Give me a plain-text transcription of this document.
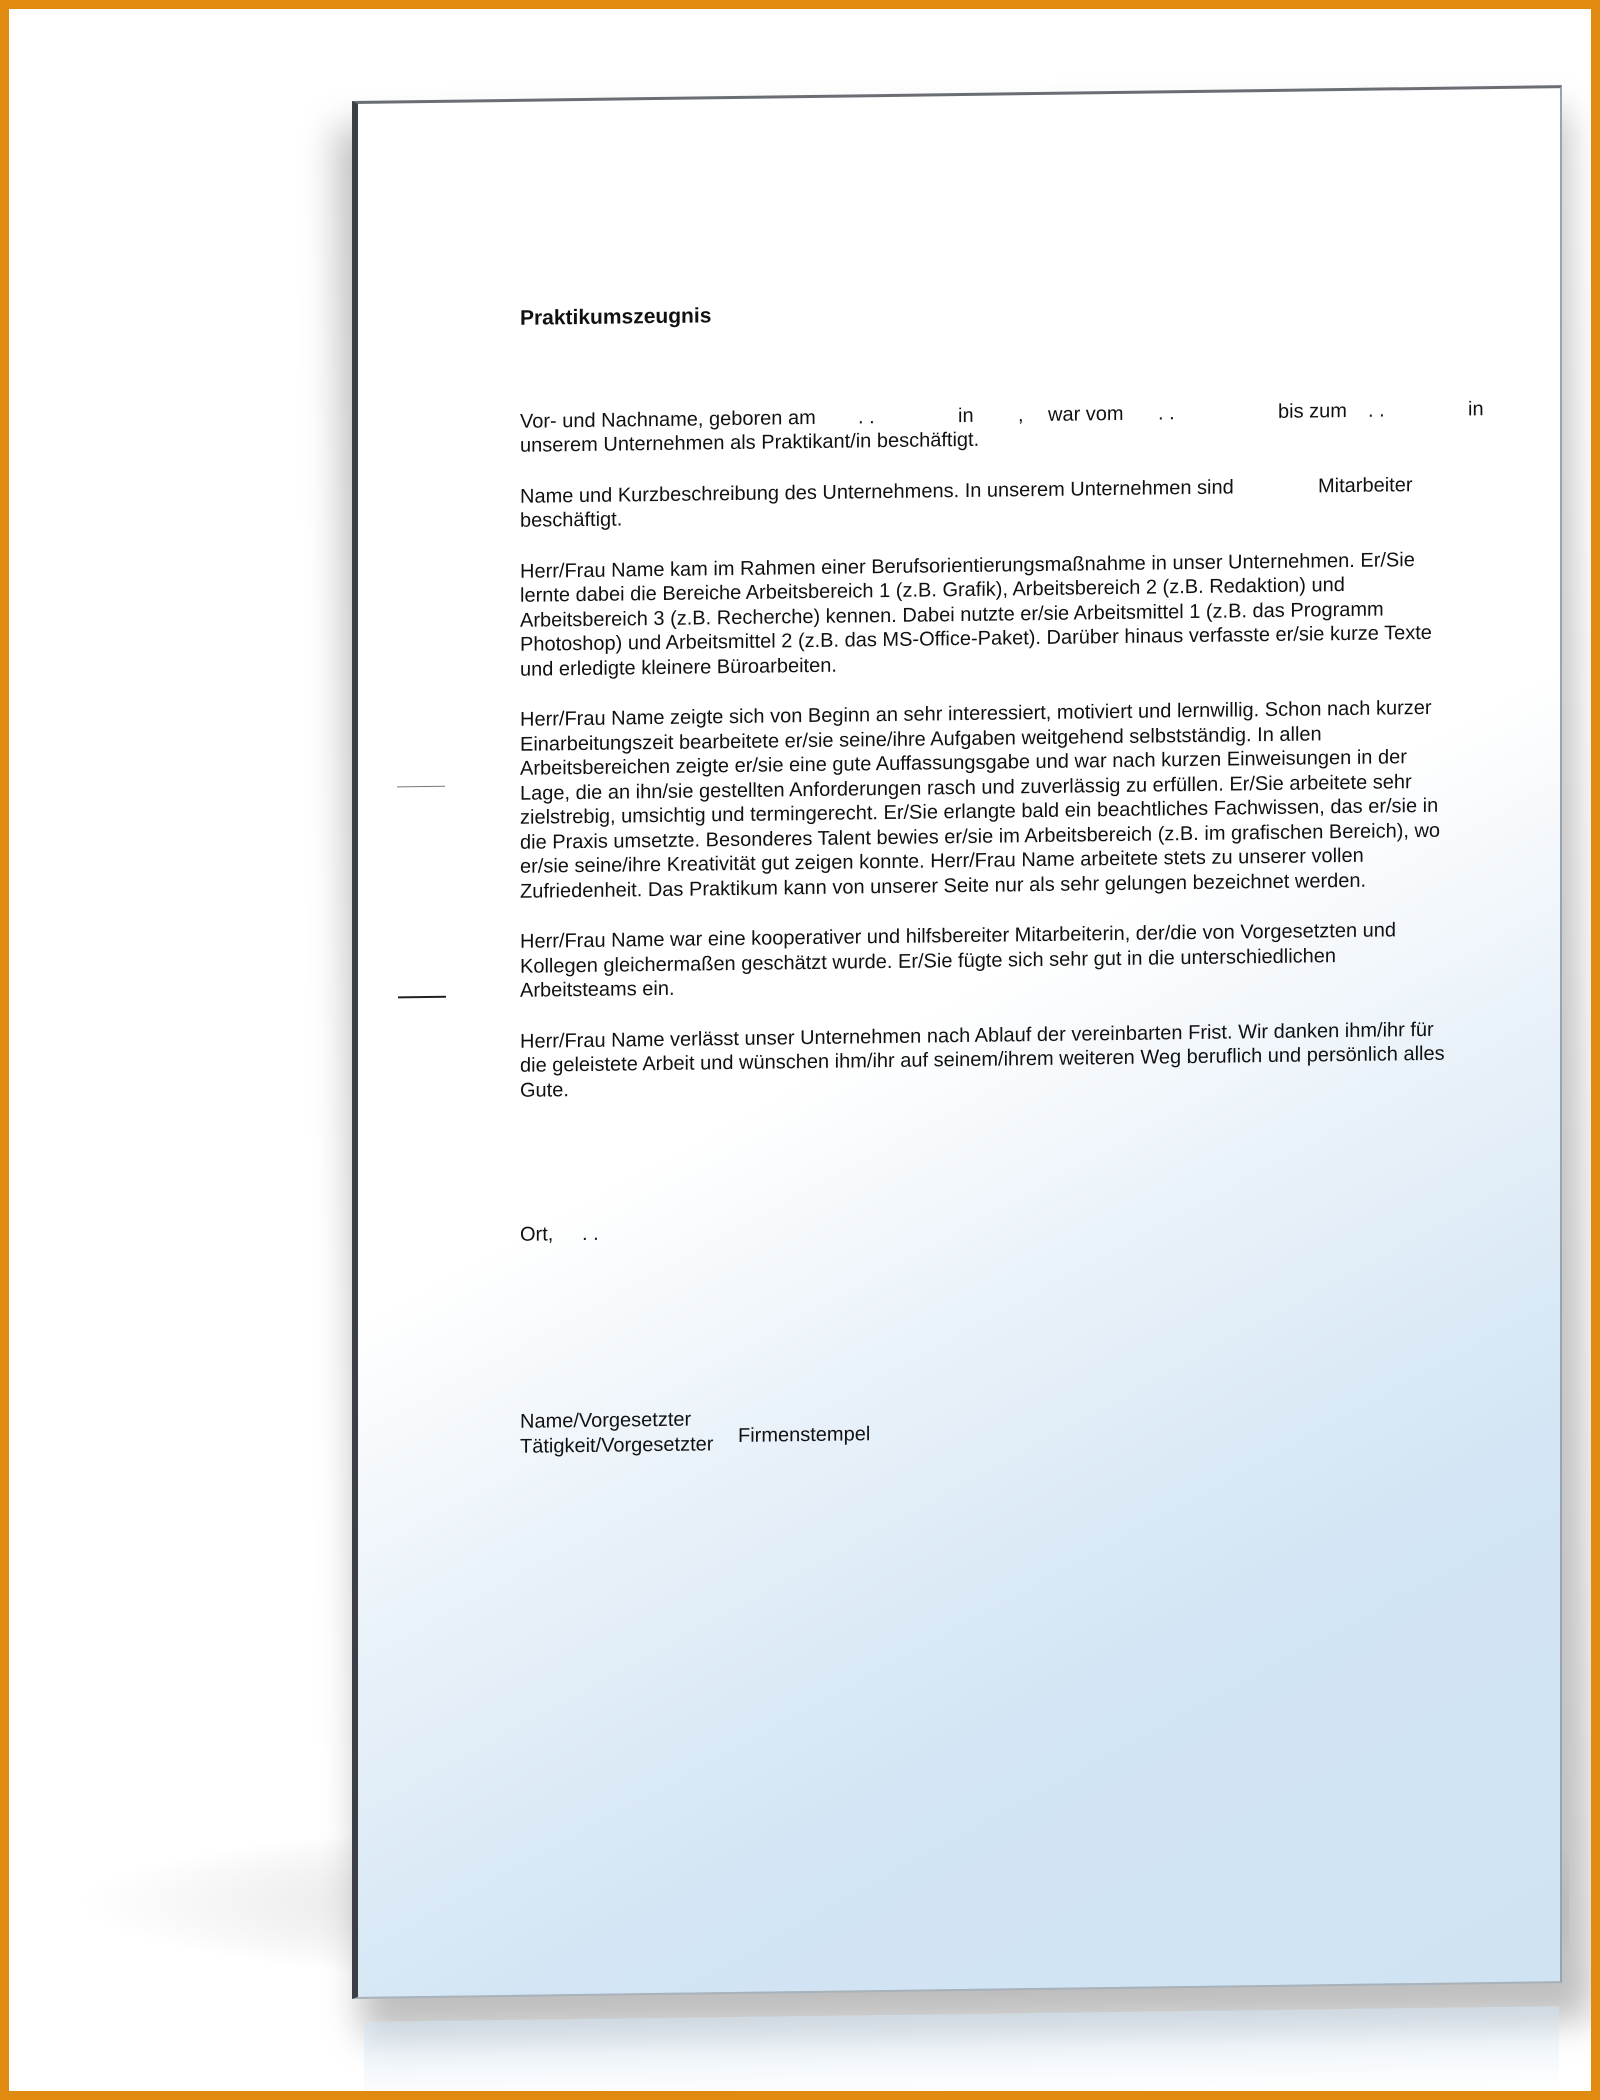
Praktikumszeugnis
Vor- und Nachname, geboren am . .	in , war vom . .	bis zum . .	in
unserem Unternehmen als Praktikant/in beschäftigt.
Name und Kurzbeschreibung des Unternehmens. In unserem Unternehmen sind	Mitarbeiter
beschäftigt.

Herr/Frau Name kam im Rahmen einer Berufsorientierungsmaßnahme in unser Unternehmen. Er/Sie lernte dabei die Bereiche Arbeitsbereich 1 (z.B. Grafik), Arbeitsbereich 2 (z.B. Redaktion) und Arbeitsbereich 3 (z.B. Recherche) kennen. Dabei nutzte er/sie Arbeitsmittel 1 (z.B. das Programm Photoshop) und Arbeitsmittel 2 (z.B. das MS-Office-Paket). Darüber hinaus verfasste er/sie kurze Texte und erledigte kleinere Büroarbeiten.

Herr/Frau Name zeigte sich von Beginn an sehr interessiert, motiviert und lernwillig. Schon nach kurzer Einarbeitungszeit bearbeitete er/sie seine/ihre Aufgaben weitgehend selbstständig. In allen Arbeitsbereichen zeigte er/sie eine gute Auffassungsgabe und war nach kurzen Einweisungen in der Lage, die an ihn/sie gestellten Anforderungen rasch und zuverlässig zu erfüllen. Er/Sie arbeitete sehr zielstrebig, umsichtig und termingerecht. Er/Sie erlangte bald ein beachtliches Fachwissen, das er/sie in die Praxis umsetzte. Besonderes Talent bewies er/sie im Arbeitsbereich (z.B. im grafischen Bereich), wo er/sie seine/ihre Kreativität gut zeigen konnte. Herr/Frau Name arbeitete stets zu unserer vollen Zufriedenheit. Das Praktikum kann von unserer Seite nur als sehr gelungen bezeichnet werden.

Herr/Frau Name war eine kooperativer und hilfsbereiter Mitarbeiterin, der/die von Vorgesetzten und Kollegen gleichermaßen geschätzt wurde. Er/Sie fügte sich sehr gut in die unterschiedlichen Arbeitsteams ein.

Herr/Frau Name verlässt unser Unternehmen nach Ablauf der vereinbarten Frist. Wir danken ihm/ihr für die geleistete Arbeit und wünschen ihm/ihr auf seinem/ihrem weiteren Weg beruflich und persönlich alles Gute.

Ort, . .
Name/Vorgesetzter
Tätigkeit/Vorgesetzter Firmenstempel
